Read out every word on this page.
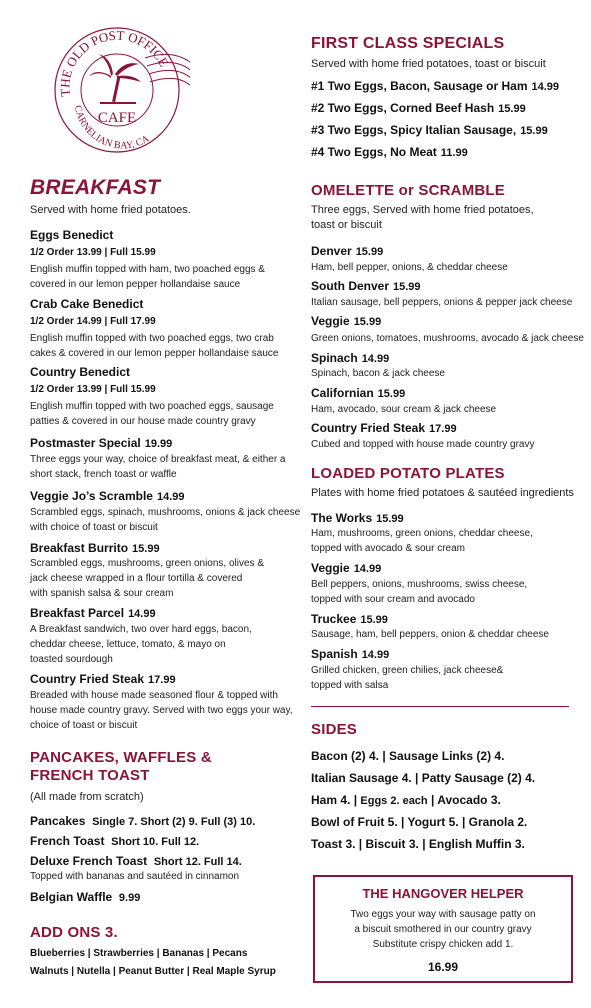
THE OLD POST OFFICE
CARNELIAN BAY, CA
CAFE
BREAKFAST
Served with home fried potatoes.
Eggs Benedict
1/2 Order 13.99 | Full 15.99
English muffin topped with ham, two poached eggs &
covered in our lemon pepper hollandaise sauce
Crab Cake Benedict
1/2 Order 14.99 | Full 17.99
English muffin topped with two poached eggs, two crab
cakes & covered in our lemon pepper hollandaise sauce
Country Benedict
1/2 Order 13.99 | Full 15.99
English muffin topped with two poached eggs, sausage
patties & covered in our house made country gravy
Postmaster Special 19.99
Three eggs your way, choice of breakfast meat, & either a
short stack, french toast or waffle
Veggie Jo’s Scramble 14.99
Scrambled eggs, spinach, mushrooms, onions & jack cheese
with choice of toast or biscuit
Breakfast Burrito 15.99
Scrambled eggs, mushrooms, green onions, olives &
jack cheese wrapped in a flour tortilla & covered
with spanish salsa & sour cream
Breakfast Parcel 14.99
A Breakfast sandwich, two over hard eggs, bacon,
cheddar cheese, lettuce, tomato, & mayo on
toasted sourdough
Country Fried Steak 17.99
Breaded with house made seasoned flour & topped with
house made country gravy. Served with two eggs your way,
choice of toast or biscuit
PANCAKES, WAFFLES &
FRENCH TOAST
(All made from scratch)
Pancakes Single 7. Short (2) 9. Full (3) 10.
French Toast Short 10. Full 12.
Deluxe French Toast Short 12. Full 14.
Topped with bananas and sautéed in cinnamon
Belgian Waffle 9.99
ADD ONS 3.
Blueberries | Strawberries | Bananas | Pecans
Walnuts | Nutella | Peanut Butter | Real Maple Syrup
FIRST CLASS SPECIALS
Served with home fried potatoes, toast or biscuit
#1 Two Eggs, Bacon, Sausage or Ham 14.99
#2 Two Eggs, Corned Beef Hash 15.99
#3 Two Eggs, Spicy Italian Sausage, 15.99
#4 Two Eggs, No Meat 11.99
OMELETTE or SCRAMBLE
Three eggs, Served with home fried potatoes,
toast or biscuit
Denver 15.99
Ham, bell pepper, onions, & cheddar cheese
South Denver 15.99
Italian sausage, bell peppers, onions & pepper jack cheese
Veggie 15.99
Green onions, tomatoes, mushrooms, avocado & jack cheese
Spinach 14.99
Spinach, bacon & jack cheese
Californian 15.99
Ham, avocado, sour cream & jack cheese
Country Fried Steak 17.99
Cubed and topped with house made country gravy
LOADED POTATO PLATES
Plates with home fried potatoes & sautéed ingredients
The Works 15.99
Ham, mushrooms, green onions, cheddar cheese,
topped with avocado & sour cream
Veggie 14.99
Bell peppers, onions, mushrooms, swiss cheese,
topped with sour cream and avocado
Truckee 15.99
Sausage, ham, bell peppers, onion & cheddar cheese
Spanish 14.99
Grilled chicken, green chilies, jack cheese&
topped with salsa
SIDES
Bacon (2) 4. | Sausage Links (2) 4.
Italian Sausage 4. | Patty Sausage (2) 4.
Ham 4. | Eggs 2. each | Avocado 3.
Bowl of Fruit 5. | Yogurt 5. | Granola 2.
Toast 3. | Biscuit 3. | English Muffin 3.
THE HANGOVER HELPER
Two eggs your way with sausage patty on
a biscuit smothered in our country gravy
Substitute crispy chicken add 1.
16.99
